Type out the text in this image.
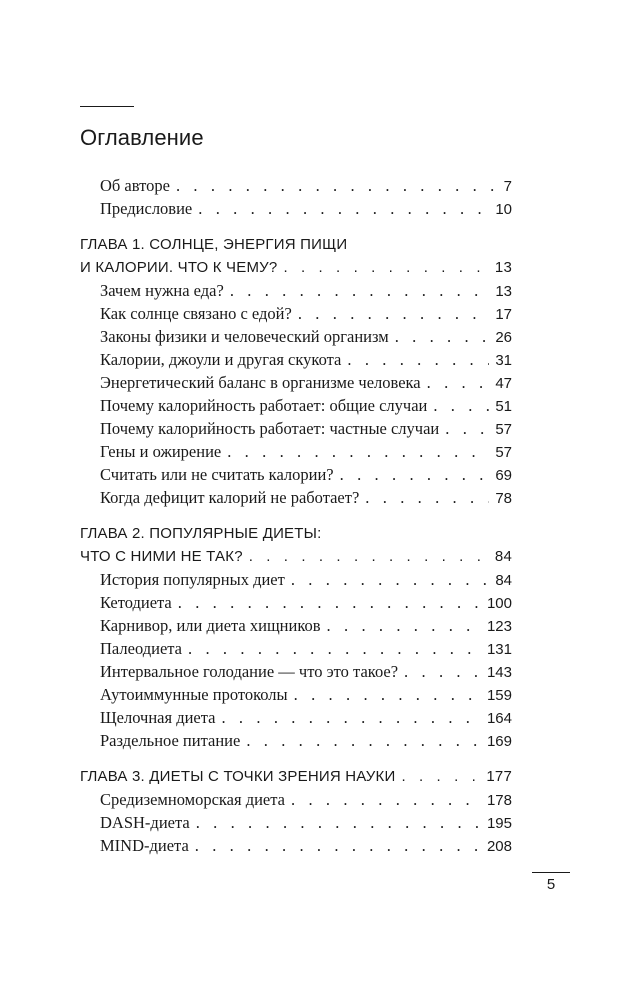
Оглавление
Об авторе . . .	7
Предисловие . . .	10
ГЛАВА 1. СОЛНЦЕ, ЭНЕРГИЯ ПИЩИ
И КАЛОРИИ. ЧТО К ЧЕМУ? . . .	13
Зачем нужна еда? . . .	13
Как солнце связано с едой? . . .	17
Законы физики и человеческий организм . . .	26
Калории, джоули и другая скукота . . .	31
Энергетический баланс в организме человека . . .	47
Почему калорийность работает: общие случаи . . .	51
Почему калорийность работает: частные случаи . . .	57
Гены и ожирение . . .	57
Считать или не считать калории? . . .	69
Когда дефицит калорий не работает? . . .	78
ГЛАВА 2. ПОПУЛЯРНЫЕ ДИЕТЫ:
ЧТО С НИМИ НЕ ТАК? . . .	84
История популярных диет . . .	84
Кетодиета . . .	100
Карнивор, или диета хищников . . .	123
Палеодиета . . .	131
Интервальное голодание — что это такое? . . .	143
Аутоиммунные протоколы . . .	159
Щелочная диета . . .	164
Раздельное питание . . .	169
ГЛАВА 3. ДИЕТЫ С ТОЧКИ ЗРЕНИЯ НАУКИ . . .	177
Средиземноморская диета . . .	178
DASH-диета . . .	195
MIND-диета . . .	208
5
